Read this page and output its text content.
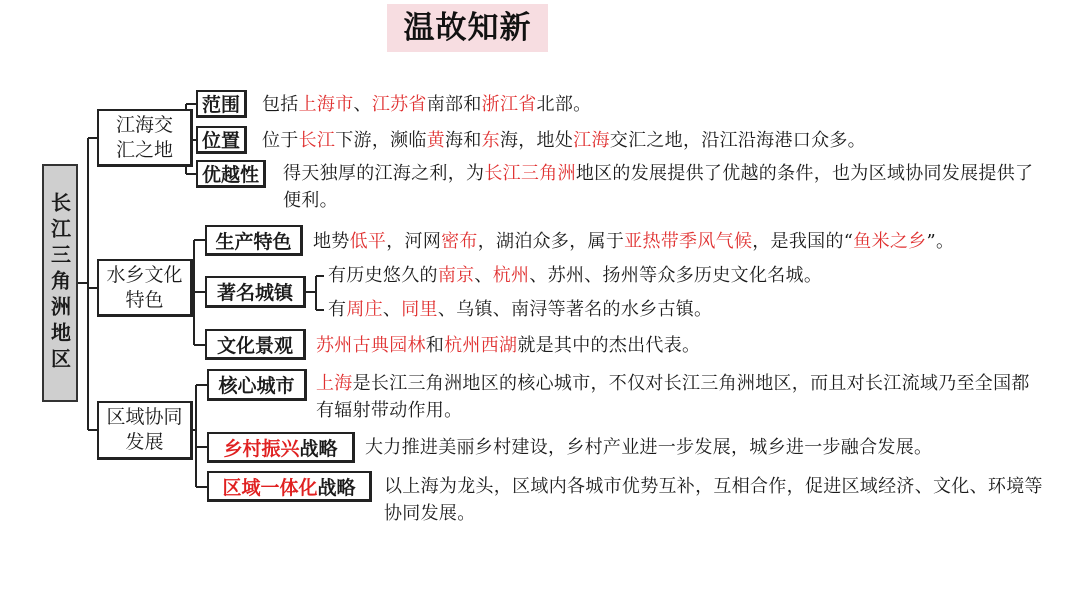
温故知新
长江三角洲地区
江海交
汇之地
范围
位置
优越性
包括上海市、江苏省南部和浙江省北部。
位于长江下游，濒临黄海和东海，地处江海交汇之地，沿江沿海港口众多。
得天独厚的江海之利，为长江三角洲地区的发展提供了优越的条件，也为区域协同发展提供了便利。
水乡文化
特色
生产特色
著名城镇
文化景观
地势低平，河网密布，湖泊众多，属于亚热带季风气候，是我国的“鱼米之乡”。
有历史悠久的南京、杭州、苏州、扬州等众多历史文化名城。
有周庄、同里、乌镇、南浔等著名的水乡古镇。
苏州古典园林和杭州西湖就是其中的杰出代表。
区域协同
发展
核心城市
乡村振兴 战略
区域一体化 战略
上海是长江三角洲地区的核心城市，不仅对长江三角洲地区，而且对长江流域乃至全国都有辐射带动作用。
大力推进美丽乡村建设，乡村产业进一步发展，城乡进一步融合发展。
以上海为龙头，区域内各城市优势互补，互相合作，促进区域经济、文化、环境等协同发展。
